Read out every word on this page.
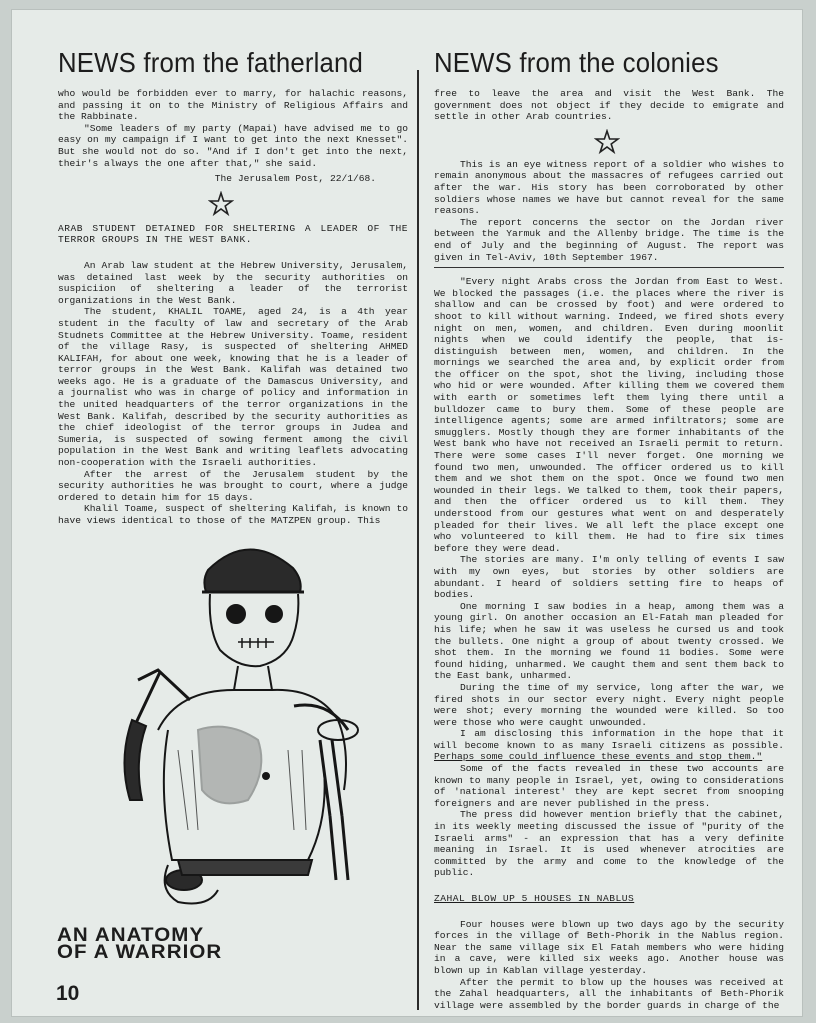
NEWS from the fatherland	NEWS from the colonies

who would be forbidden ever to marry, for halachic reasons, and passing it on to the Ministry of Religious Affairs and the Rabbinate.

"Some leaders of my party (Mapai) have advised me to go easy on my campaign if I want to get into the next Knesset". But she would not do so. "And if I don't get into the next, their's always the one after that," she said.

The Jerusalem Post, 22/1/68.

ARAB STUDENT DETAINED FOR SHELTERING A LEADER OF THE TERROR GROUPS IN THE WEST BANK.

An Arab law student at the Hebrew University, Jerusalem, was detained last week by the security authorities on suspiciion of sheltering a leader of the terrorist organizations in the West Bank.

The student, KHALIL TOAME, aged 24, is a 4th year student in the faculty of law and secretary of the Arab Studnets Committee at the Hebrew University. Toame, resident of the village Rasy, is suspected of sheltering AHMED KALIFAH, for about one week, knowing that he is a leader of terror groups in the West Bank. Kalifah was detained two weeks ago. He is a graduate of the Damascus University, and a journalist who was in charge of policy and information in the united headquarters of the terror organizations in the West Bank. Kalifah, described by the security authorities as the chief ideologist of the terror groups in Judea and Sumeria, is suspected of sowing ferment among the civil population in the West Bank and writing leaflets advocating non-cooperation with the Israeli authorities.

After the arrest of the Jerusalem student by the security authorities he was brought to court, where a judge ordered to detain him for 15 days.

Khalil Toame, suspect of sheltering Kalifah, is known to have views identical to those of the MATZPEN group. This

AN ANATOMY
OF A WARRIOR
10

free to leave the area and visit the West Bank. The government does not object if they decide to emigrate and settle in other Arab countries.

This is an eye witness report of a soldier who wishes to remain anonymous about the massacres of refugees carried out after the war. His story has been corroborated by other soldiers whose names we have but cannot reveal for the same reasons.

The report concerns the sector on the Jordan river between the Yarmuk and the Allenby bridge. The time is the end of July and the beginning of August. The report was given in Tel-Aviv, 10th September 1967.

"Every night Arabs cross the Jordan from East to West. We blocked the passages (i.e. the places where the river is shallow and can be crossed by foot) and were ordered to shoot to kill without warning. Indeed, we fired shots every night on men, women, and children. Even during moonlit nights when we could identify the people, that is- distinguish between men, women, and children. In the mornings we searched the area and, by explicit order from the officer on the spot, shot the living, including those who hid or were wounded. After killing them we covered them with earth or sometimes left them lying there until a bulldozer came to bury them. Some of these people are intelligence agents; some are armed infiltrators; some are smugglers. Mostly though they are former inhabitants of the West bank who have not received an Israeli permit to return. There were some cases I'll never forget. One morning we found two men, unwounded. The officer ordered us to kill them and we shot them on the spot. Once we found two men wounded in their legs. We talked to them, took their papers, and then the officer ordered us to kill them. They understood from our gestures what went on and desperately pleaded for their lives. We all left the place except one who volunteered to kill them. He had to fire six times before they were dead.

The stories are many. I'm only telling of events I saw with my own eyes, but stories by other soldiers are abundant. I heard of soldiers setting fire to heaps of bodies.

One morning I saw bodies in a heap, among them was a young girl. On another occasion an El-Fatah man pleaded for his life; when he saw it was useless he cursed us and took the bullets. One night a group of about twenty crossed. We shot them. In the morning we found 11 bodies. Some were found hiding, unharmed. We caught them and sent them back to the East bank, unharmed.

During the time of my service, long after the war, we fired shots in our sector every night. Every night people were shot; every morning the wounded were killed. So too were those who were caught unwounded.

I am disclosing this information in the hope that it will become known to as many Israeli citizens as possible. Perhaps some could influence these events and stop them."

Some of the facts revealed in these two accounts are known to many people in Israel, yet, owing to considerations of 'national interest' they are kept secret from snooping foreigners and are never published in the press.

The press did however mention briefly that the cabinet, in its weekly meeting discussed the issue of "purity of the Israeli arms" - an expression that has a very definite meaning in Israel. It is used whenever atrocities are committed by the army and come to the knowledge of the public.

ZAHAL BLOW UP 5 HOUSES IN NABLUS

Four houses were blown up two days ago by the security forces in the village of Beth-Phorik in the Nablus region. Near the same village six El Fatah members who were hiding in a cave, were killed six weeks ago. Another house was blown up in Kablan village yesterday.

After the permit to blow up the houses was received at the Zahal headquarters, all the inhabitants of Beth-Phorik village were assembled by the border guards in charge of the
